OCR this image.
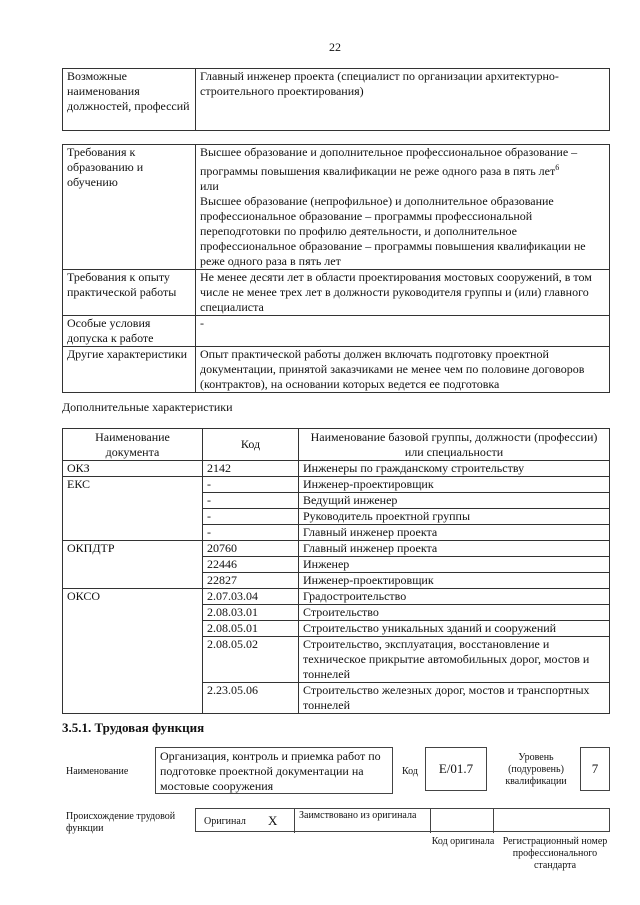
22
Возможные наименования должностей, профессий	Главный инженер проекта (специалист по организации архитектурно-строительного проектирования)
Требования к образованию и обучению	Высшее образование и дополнительное профессиональное образование – программы повышения квалификации не реже одного раза в пять лет$^6$
или
Высшее образование (непрофильное) и дополнительное образование профессиональное образование – программы профессиональной переподготовки по профилю деятельности, и дополнительное профессиональное образование – программы повышения квалификации не реже одного раза в пять лет
Требования к опыту практической работы	Не менее десяти лет в области проектирования мостовых сооружений, в том числе не менее трех лет в должности руководителя группы и (или) главного специалиста
Особые условия допуска к работе	-
Другие характеристики	Опыт практической работы должен включать подготовку проектной документации, принятой заказчиками не менее чем по половине договоров (контрактов), на основании которых ведется ее подготовка
Дополнительные характеристики
Наименование документа	Код	Наименование базовой группы, должности (профессии) или специальности
ОКЗ	2142	Инженеры по гражданскому строительству
ЕКС	-	Инженер-проектировщик
	-	Ведущий инженер
	-	Руководитель проектной группы
	-	Главный инженер проекта
ОКПДТР	20760	Главный инженер проекта
	22446	Инженер
	22827	Инженер-проектировщик
ОКСО	2.07.03.04	Градостроительство
	2.08.03.01	Строительство
	2.08.05.01	Строительство уникальных зданий и сооружений
	2.08.05.02	Строительство, эксплуатация, восстановление и техническое прикрытие автомобильных дорог, мостов и тоннелей
	2.23.05.06	Строительство железных дорог, мостов и транспортных тоннелей
3.5.1. Трудовая функция
Наименование
Организация, контроль и приемка работ по подготовке проектной документации на мостовые сооружения
Код	E/01.7
Уровень (подуровень) квалификации
7
Происхождение трудовой функции
Оригинал X Заимствовано из оригинала
Код оригинала Регистрационный номер профессионального стандарта
